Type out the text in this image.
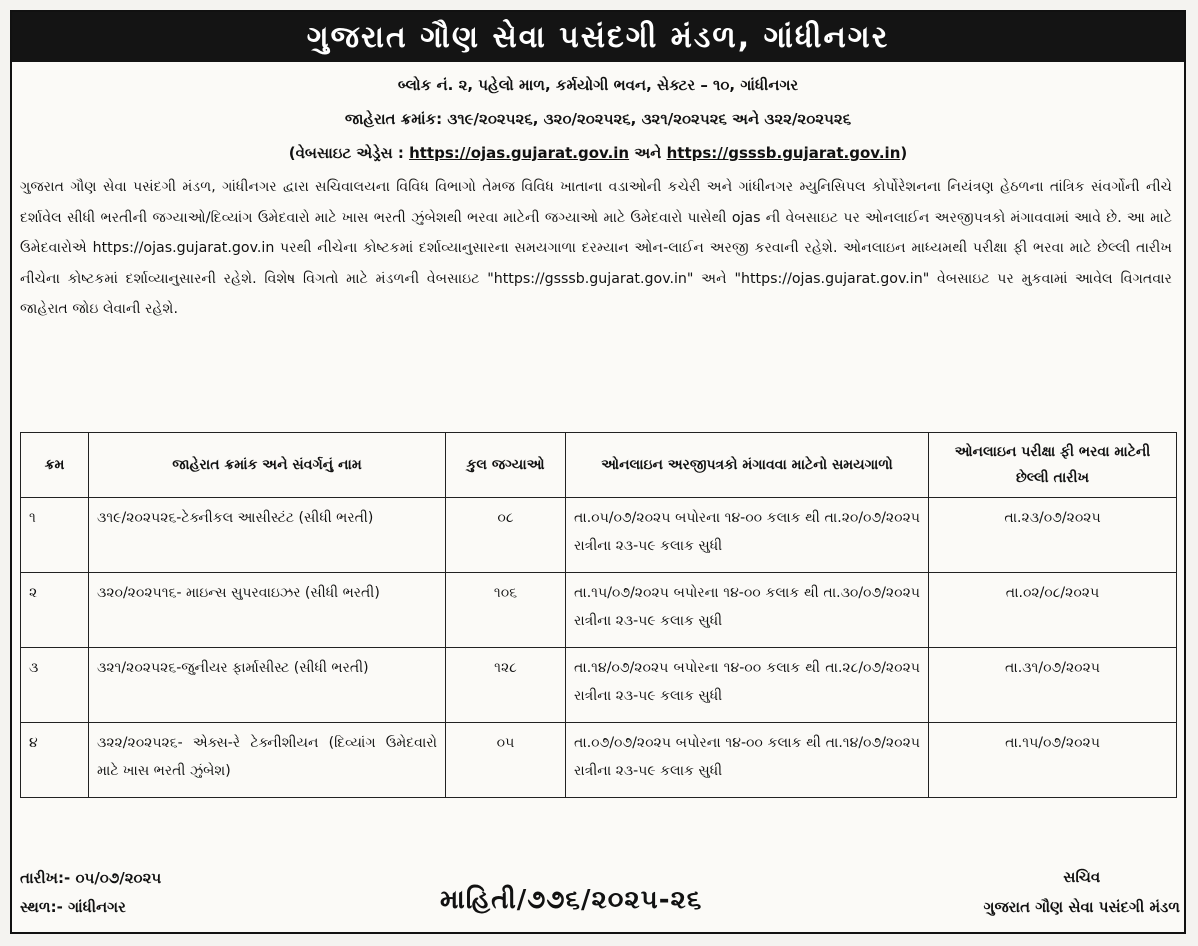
ગુજરાત ગૌણ સેવા પસંદગી મંડળ, ગાંધીનગર
બ્લોક નં. ૨, પહેલો માળ, કર્મયોગી ભવન, સેક્ટર – ૧૦, ગાંધીનગર
જાહેરાત ક્રમાંક: ૩૧૯/૨૦૨૫૨૬, ૩૨૦/૨૦૨૫૨૬, ૩૨૧/૨૦૨૫૨૬ અને ૩૨૨/૨૦૨૫૨૬
(વેબસાઇટ એડ્રેસ : https://ojas.gujarat.gov.in અને https://gsssb.gujarat.gov.in)
ગુજરાત ગૌણ સેવા પસંદગી મંડળ, ગાંધીનગર દ્વારા સચિવાલયના વિવિધ વિભાગો તેમજ વિવિધ ખાતાના વડાઓની કચેરી અને ગાંધીનગર મ્યુનિસિપલ કોર્પોરેશનના નિયંત્રણ હેઠળના તાંત્રિક સંવર્ગોની નીચે દર્શાવેલ સીધી ભરતીની જગ્યાઓ/દિવ્યાંગ ઉમેદવારો માટે ખાસ ભરતી ઝુંબેશથી ભરવા માટેની જગ્યાઓ માટે ઉમેદવારો પાસેથી ojas ની વેબસાઇટ પર ઓનલાઈન અરજીપત્રકો મંગાવવામાં આવે છે. આ માટે ઉમેદવારોએ https://ojas.gujarat.gov.in પરથી નીચેના કોષ્ટકમાં દર્શાવ્યાનુસારના સમયગાળા દરમ્યાન ઓન-લાઈન અરજી કરવાની રહેશે. ઓનલાઇન માધ્યમથી પરીક્ષા ફી ભરવા માટે છેલ્લી તારીખ નીચેના કોષ્ટકમાં દર્શાવ્યાનુસારની રહેશે. વિશેષ વિગતો માટે મંડળની વેબસાઇટ "https://gsssb.gujarat.gov.in" અને "https://ojas.gujarat.gov.in" વેબસાઇટ પર મુકવામાં આવેલ વિગતવાર જાહેરાત જોઇ લેવાની રહેશે.
ક્રમ	જાહેરાત ક્રમાંક અને સંવર્ગનું નામ	કુલ જગ્યાઓ	ઓનલાઇન અરજીપત્રકો મંગાવવા માટેનો સમયગાળો	ઓનલાઇન પરીક્ષા ફી ભરવા માટેની છેલ્લી તારીખ
૧	૩૧૯/૨૦૨૫૨૬-ટેક્નીકલ આસીસ્ટંટ (સીધી ભરતી)	૦૮	તા.૦૫/૦૭/૨૦૨૫ બપોરના ૧૪-૦૦ કલાક થી તા.૨૦/૦૭/૨૦૨૫ રાત્રીના ૨૩-૫૯ કલાક સુધી	તા.૨૩/૦૭/૨૦૨૫
૨	૩૨૦/૨૦૨૫૧૬- માઇન્સ સુપરવાઇઝર (સીધી ભરતી)	૧૦૬	તા.૧૫/૦૭/૨૦૨૫ બપોરના ૧૪-૦૦ કલાક થી તા.૩૦/૦૭/૨૦૨૫ રાત્રીના ૨૩-૫૯ કલાક સુધી	તા.૦૨/૦૮/૨૦૨૫
૩	૩૨૧/૨૦૨૫૨૬-જુનીયર ફાર્માસીસ્ટ (સીધી ભરતી)	૧૨૮	તા.૧૪/૦૭/૨૦૨૫ બપોરના ૧૪-૦૦ કલાક થી તા.૨૮/૦૭/૨૦૨૫ રાત્રીના ૨૩-૫૯ કલાક સુધી	તા.૩૧/૦૭/૨૦૨૫
૪	૩૨૨/૨૦૨૫૨૬- એક્સ-રે ટેક્નીશીયન (દિવ્યાંગ ઉમેદવારો માટે ખાસ ભરતી ઝુંબેશ)	૦૫	તા.૦૭/૦૭/૨૦૨૫ બપોરના ૧૪-૦૦ કલાક થી તા.૧૪/૦૭/૨૦૨૫ રાત્રીના ૨૩-૫૯ કલાક સુધી	તા.૧૫/૦૭/૨૦૨૫
તારીખ:- ૦૫/૦૭/૨૦૨૫
સ્થળ:- ગાંધીનગર	માહિતી/૭૭૬/૨૦૨૫-૨૬
સચિવ
ગુજરાત ગૌણ સેવા પસંદગી મંડળ
